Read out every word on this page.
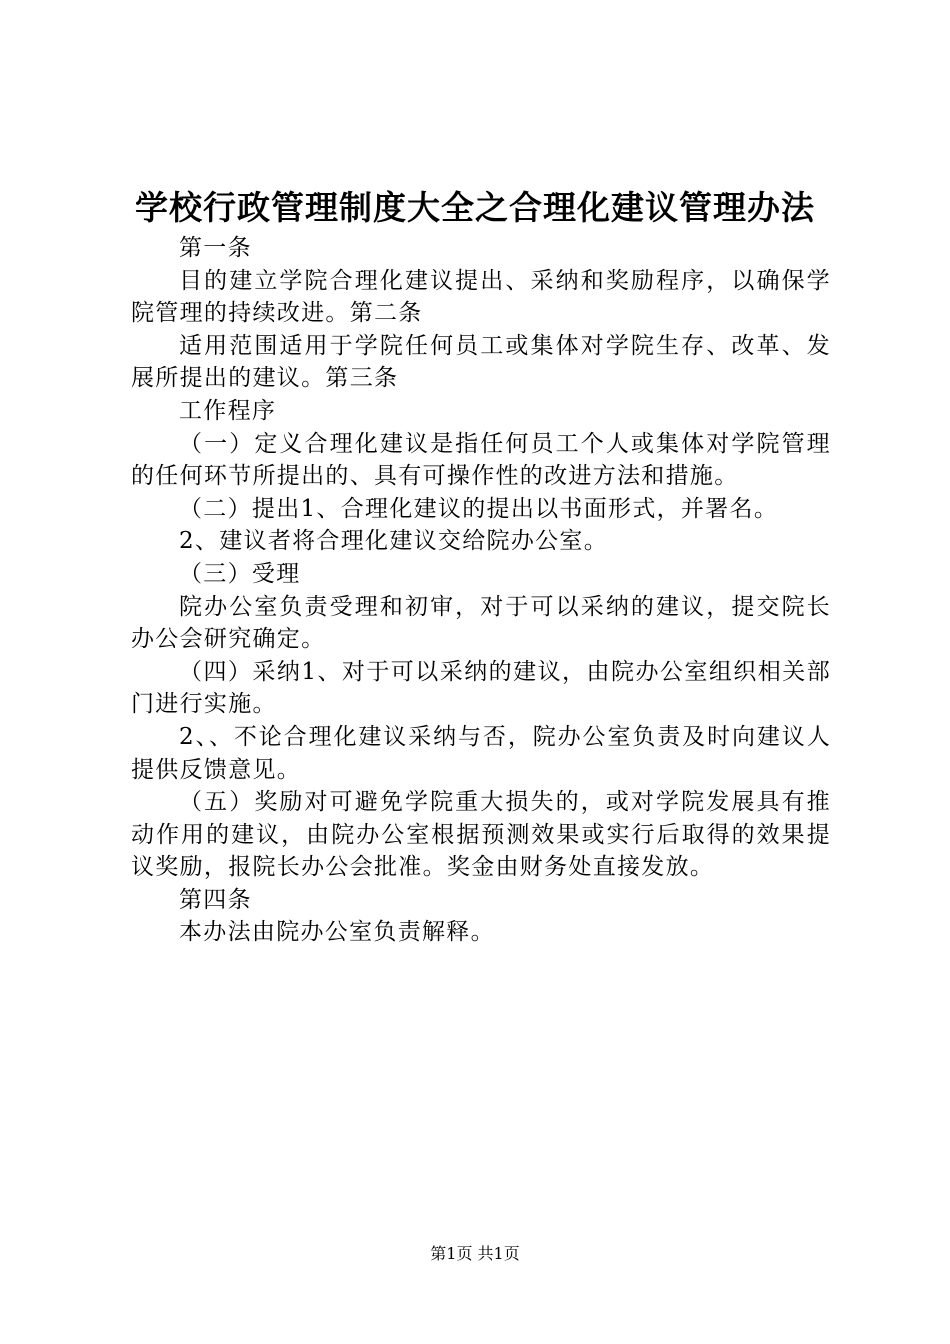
学校行政管理制度大全之合理化建议管理办法

第一条

目的建立学院合理化建议提出、采纳和奖励程序，以确保学院管理的持续改进。第二条

适用范围适用于学院任何员工或集体对学院生存、改革、发展所提出的建议。第三条

工作程序

（一）定义合理化建议是指任何员工个人或集体对学院管理的任何环节所提出的、具有可操作性的改进方法和措施。

（二）提出1、合理化建议的提出以书面形式，并署名。

2、建议者将合理化建议交给院办公室。

（三）受理

院办公室负责受理和初审，对于可以采纳的建议，提交院长办公会研究确定。

（四）采纳1、对于可以采纳的建议，由院办公室组织相关部门进行实施。

2、、不论合理化建议采纳与否，院办公室负责及时向建议人提供反馈意见。

（五）奖励对可避免学院重大损失的，或对学院发展具有推动作用的建议，由院办公室根据预测效果或实行后取得的效果提议奖励，报院长办公会批准。奖金由财务处直接发放。

第四条

本办法由院办公室负责解释。

第1页 共1页
